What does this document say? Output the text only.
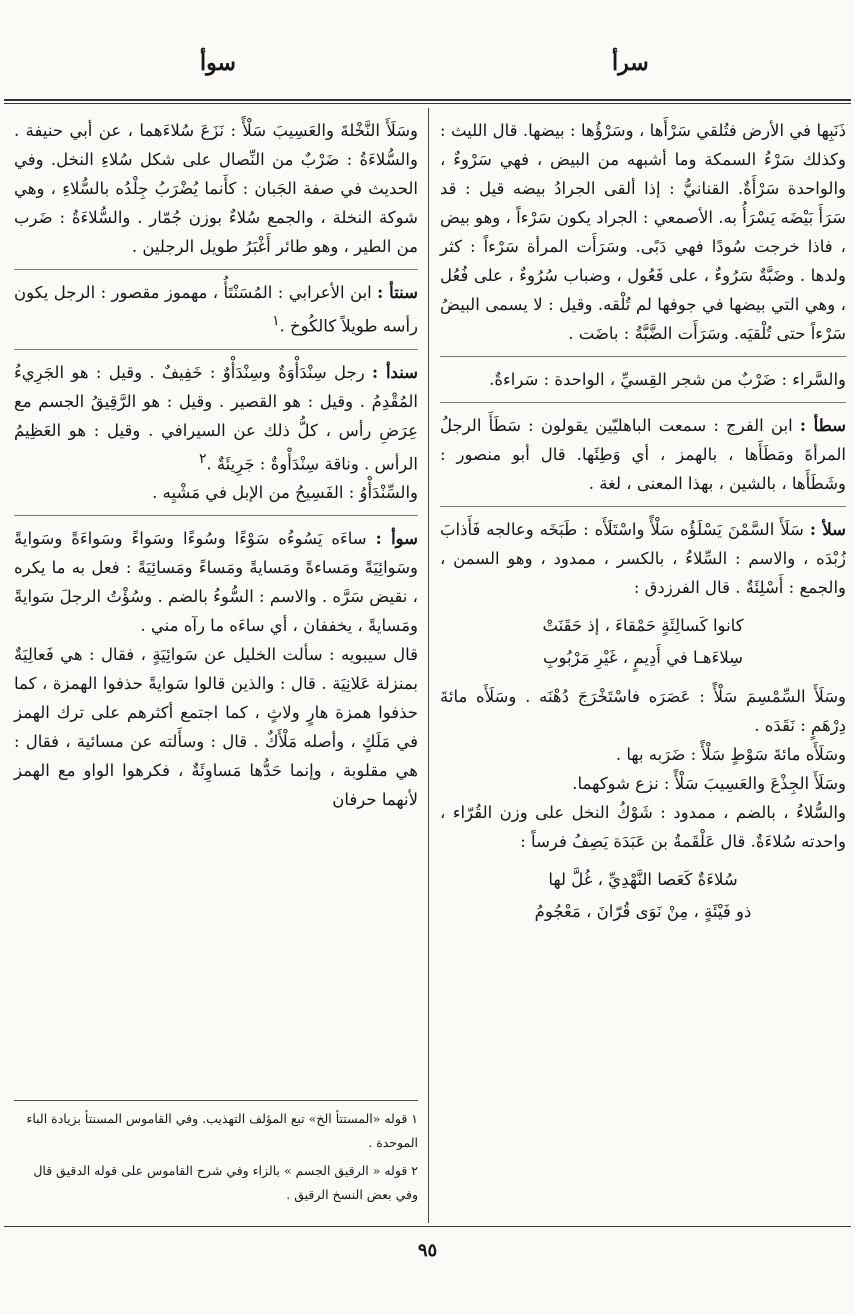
سوأ	سرأ

ذَنَبِها في الأرض فتُلقي سَرْأَها ، وسَرْؤُها : بيضها. قال الليث : وكذلك سَرْءُ السمكة وما أشبهه من البيض ، فهي سَرْوءٌ ، والواحدة سَرْأَةٌ. القنانيُّ : إذا ألقى الجرادُ بيضه قيل : قد سَرَأَ بَيْضَه يَسْرَأُ به. الأصمعي : الجراد يكون سَرْءاً ، وهو بيض ، فاذا خرجت سُودًا فهي دَبًى. وسَرَأَت المرأة سَرْءاً : كثر ولدها . وضَبَّةٌ سَرُوءٌ ، على فَعُول ، وضباب سُرُوءٌ ، على فُعُل ، وهي التي بيضها في جوفها لم تُلْقه. وقيل : لا يسمى البيضُ سَرْءاً حتى تُلْقيَه. وسَرَأَت الضَّبَّةُ : باضَت .

والسَّراء : ضَرْبٌ من شجر القِسيِّ ، الواحدة : سَراءةٌ.

سطأ : ابن الفرج : سمعت الباهليّين يقولون : سَطَأَ الرجلُ المرأةَ ومَطَأَها ، بالهمز ، أي وَطِئَها. قال أبو منصور : وشَطَأَها ، بالشين ، بهذا المعنى ، لغة .

سلأ : سَلَأَ السَّمْنَ يَسْلَؤُه سَلْأً واسْتَلَأَه : طَبَخَه وعالجه فَأَذابَ زُبْدَه ، والاسم : السِّلاءُ ، بالكسر ، ممدود ، وهو السمن ، والجمع : أَسْلِئَةٌ . قال الفرزدق :

كانوا كَسالِئَةٍ حَمْقاءَ ، إذ حَقَنَتْ
سِلاءَهـا في أَدِيمٍ ، غَيْرِ مَرْبُوبِ

وسَلَأَ السِّمْسِمَ سَلْأً : عَصَرَه فاسْتَخْرَجَ دُهْنَه . وسَلَأَه مائةَ دِرْهَمٍ : نَقَدَه .

وسَلَأَه مائةَ سَوْطٍ سَلْأً : ضَرَبه بها .

وسَلَأَ الجِذْعَ والعَسِيبَ سَلْأً : نزع شوكهما.

والسُّلاءُ ، بالضم ، ممدود : شَوْكُ النخل على وزن القُرّاء ، واحدته سُلاءَةٌ. قال عَلْقَمةُ بن عَبَدَة يَصِفُ فرساً :

سُلاءَةٌ كَعَصا النَّهْدِيِّ ، غُلَّ لها
ذو فَيْئَةٍ ، مِنْ نَوَى قُرّانَ ، مَعْجُومُ

وسَلَأَ النَّخْلةَ والعَسِيبَ سَلْأً : نَزَعَ سُلاءَهما ، عن أبي حنيفة . والسُّلاءَةُ : ضَرْبٌ من النِّصال على شكل سُلاءِ النخل. وفي الحديث في صفة الجَبان : كأَنما يُضْرَبُ جِلْدُه بالسُّلاءِ ، وهي شوكة النخلة ، والجمع سُلاءٌ بوزن جُمّار . والسُّلاءَةُ : ضَرب من الطير ، وهو طائر أَغْبَرُ طويل الرجلين .

سنتأ : ابن الأعرابي : المُسَنْتَأُ ، مهموز مقصور : الرجل يكون رأسه طويلاً كالكُوخ .$^١$

سندأ : رجل سِنْدَأْوَةٌ وسِنْدَأْوٌ : خَفِيفٌ . وقيل : هو الجَرِيءُ المُقْدِمُ . وقيل : هو القصير . وقيل : هو الرَّقِيقُ الجسم مع عِرَضِ رأس ، كلُّ ذلك عن السيرافي . وقيل : هو العَظِيمُ الرأس . وناقة سِنْدَأْوةٌ : جَرِيئَةٌ .$^٢$

والسِّنْدَأْوُ : الفَسِيحُ من الإبل في مَشْيِه .

سوأ : ساءَه يَسُوءُه سَوْءًا وسُوءًا وسَواءً وسَواءَةً وسَوايةً وسَوائِيَةً ومَساءةً ومَسايةً ومَساءً ومَسائِيَةً : فعل به ما يكره ، نقيض سَرَّه . والاسم : السُّوءُ بالضم . وسُؤْتُ الرجلَ سَوايةً ومَسايةً ، يخففان ، أي ساءَه ما رآه مني .

قال سيبويه : سألت الخليل عن سَوائِيَةٍ ، فقال : هي فَعالِيَةٌ بمنزلة عَلانِيَة . قال : والذين قالوا سَوايةً حذفوا الهمزة ، كما حذفوا همزة هارٍ ولاثٍ ، كما اجتمع أكثرهم على ترك الهمز في مَلَكٍ ، وأصله مَلْأَكٌ . قال : وسأَلته عن مسائية ، فقال : هي مقلوبة ، وإنما حَدُّها مَساوِئَةٌ ، فكرهوا الواو مع الهمز لأنهما حرفان

١ قوله «المستتأ الخ» تبع المؤلف التهذيب. وفي القاموس المسنتأ بزيادة الباء الموحدة .
٢ قوله « الرقيق الجسم » بالزاء وفي شرح القاموس على قوله الدقيق قال وفي بعض النسخ الرقيق .
٩٥
